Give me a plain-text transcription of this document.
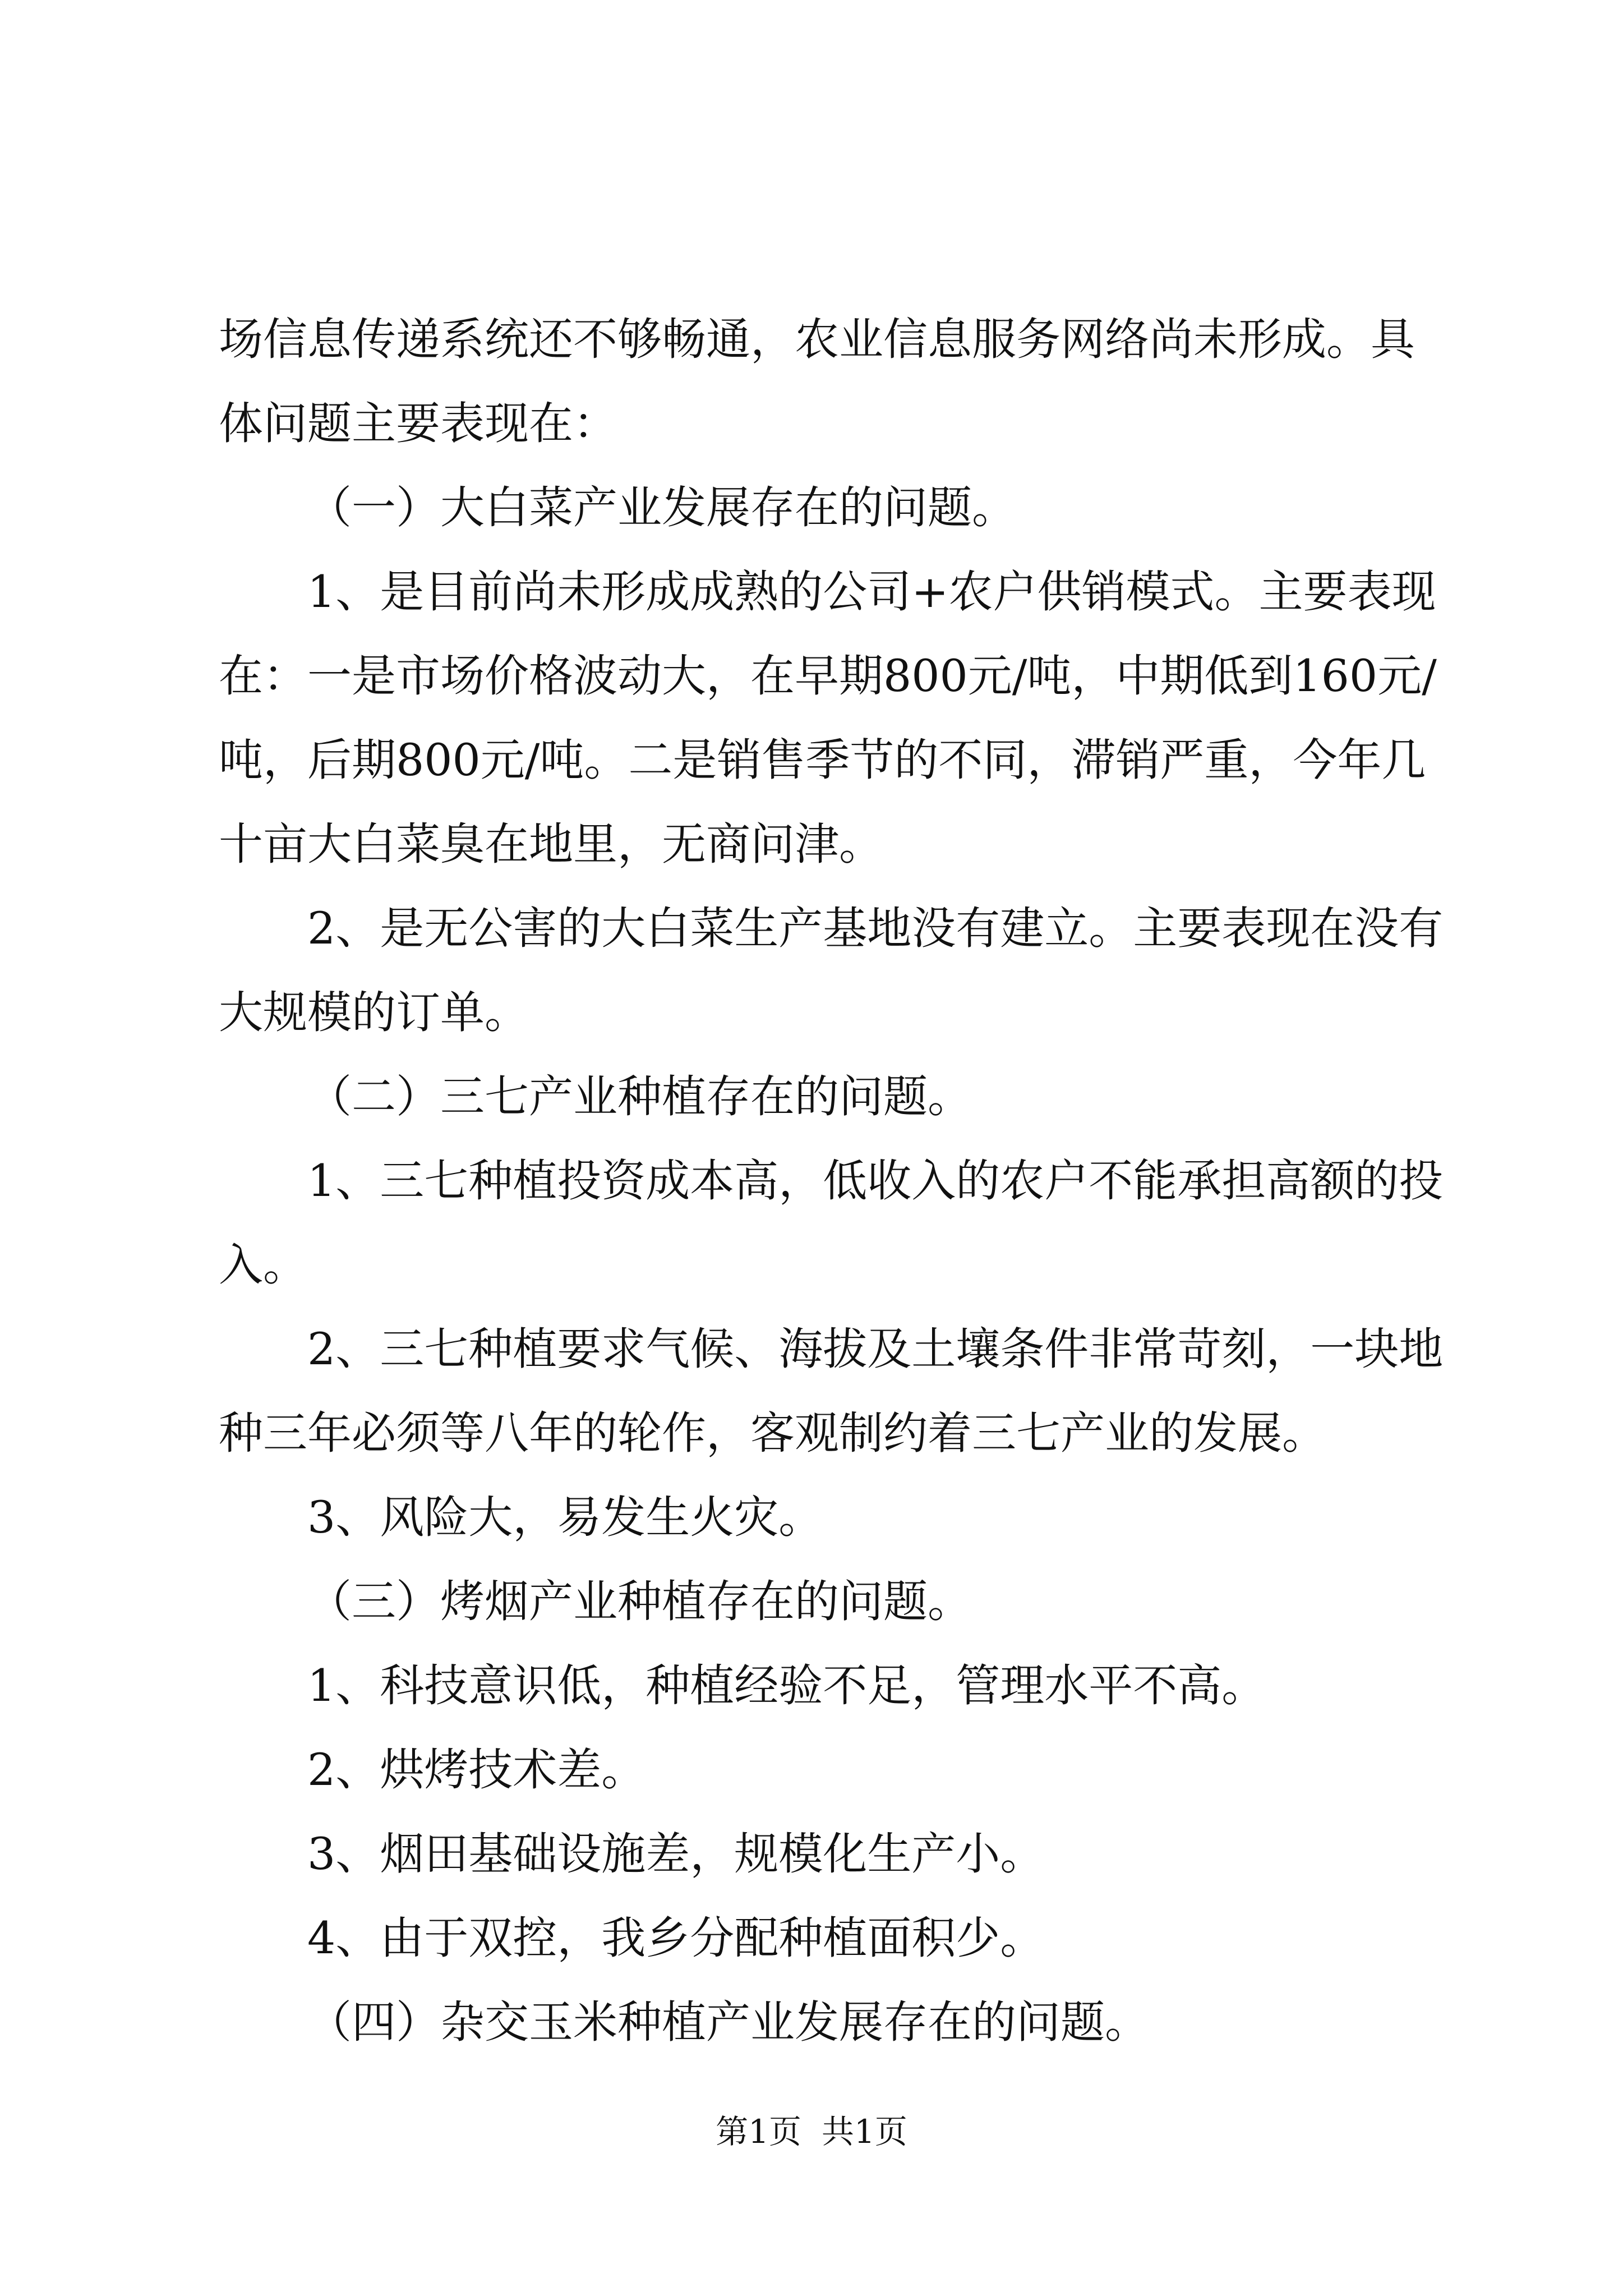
场信息传递系统还不够畅通，农业信息服务网络尚未形成。具体问题主要表现在：

（一）大白菜产业发展存在的问题。

1、是目前尚未形成成熟的公司+农户供销模式。主要表现在：一是市场价格波动大，在早期800元/吨，中期低到160元/吨，后期800元/吨。二是销售季节的不同，滞销严重，今年几十亩大白菜臭在地里，无商问津。

2、是无公害的大白菜生产基地没有建立。主要表现在没有大规模的订单。

（二）三七产业种植存在的问题。

1、三七种植投资成本高，低收入的农户不能承担高额的投入。

2、三七种植要求气候、海拔及土壤条件非常苛刻，一块地种三年必须等八年的轮作，客观制约着三七产业的发展。

3、风险大，易发生火灾。

（三）烤烟产业种植存在的问题。

1、科技意识低，种植经验不足，管理水平不高。

2、烘烤技术差。

3、烟田基础设施差，规模化生产小。

4、由于双控，我乡分配种植面积少。

（四）杂交玉米种植产业发展存在的问题。

第1页 共1页
